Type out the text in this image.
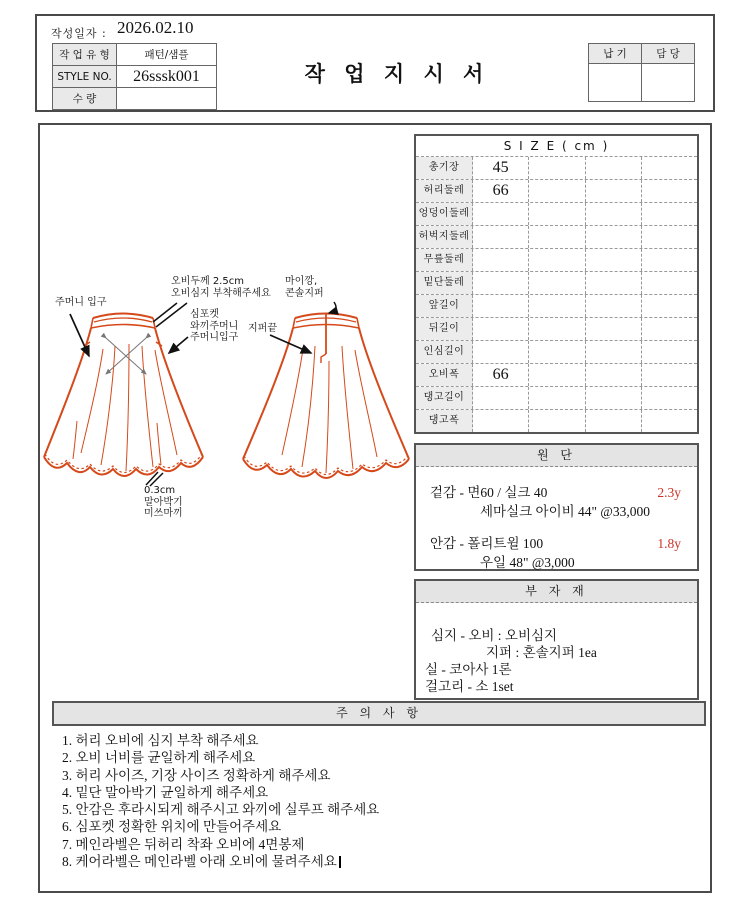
작성일자 : 2026.02.10
작 업 유 형	패턴/샘플
STYLE NO.	26sssk001
수 량	
작 업 지 시 서
납 기	담 당

주머니 입구
오비두께 2.5cm
오비심지 부착해주세요
심포켓
와끼주머니
주머니입구
마이깡,
콘솔지퍼
지퍼끝
0.3cm
말아박기
미쓰마끼
S I Z E ( cm )
총기장	45
허리둘레	66
엉덩이둘레
허벅지둘레
무릎둘레
밑단둘레
앞길이
뒤길이
인심길이
오비폭	66
댕고길이
댕고폭
원 단
겉감 - 면60 / 실크 40	2.3y
세마실크 아이비 44" @33,000
안감 - 폴리트윌 100	1.8y
우일 48" @3,000
부 자 재
심지 - 오비 : 오비심지
지퍼 : 혼솔지퍼 1ea
실 - 코아사 1론
걸고리 - 소 1set
주 의 사 항
1. 허리 오비에 심지 부착 해주세요
2. 오비 너비를 균일하게 해주세요
3. 허리 사이즈, 기장 사이즈 정확하게 해주세요
4. 밑단 말아박기 균일하게 해주세요
5. 안감은 후라시되게 해주시고 와끼에 실루프 해주세요
6. 심포켓 정확한 위치에 만들어주세요
7. 메인라벨은 뒤허리 착좌 오비에 4면봉제
8. 케어라벨은 메인라벨 아래 오비에 물려주세요
